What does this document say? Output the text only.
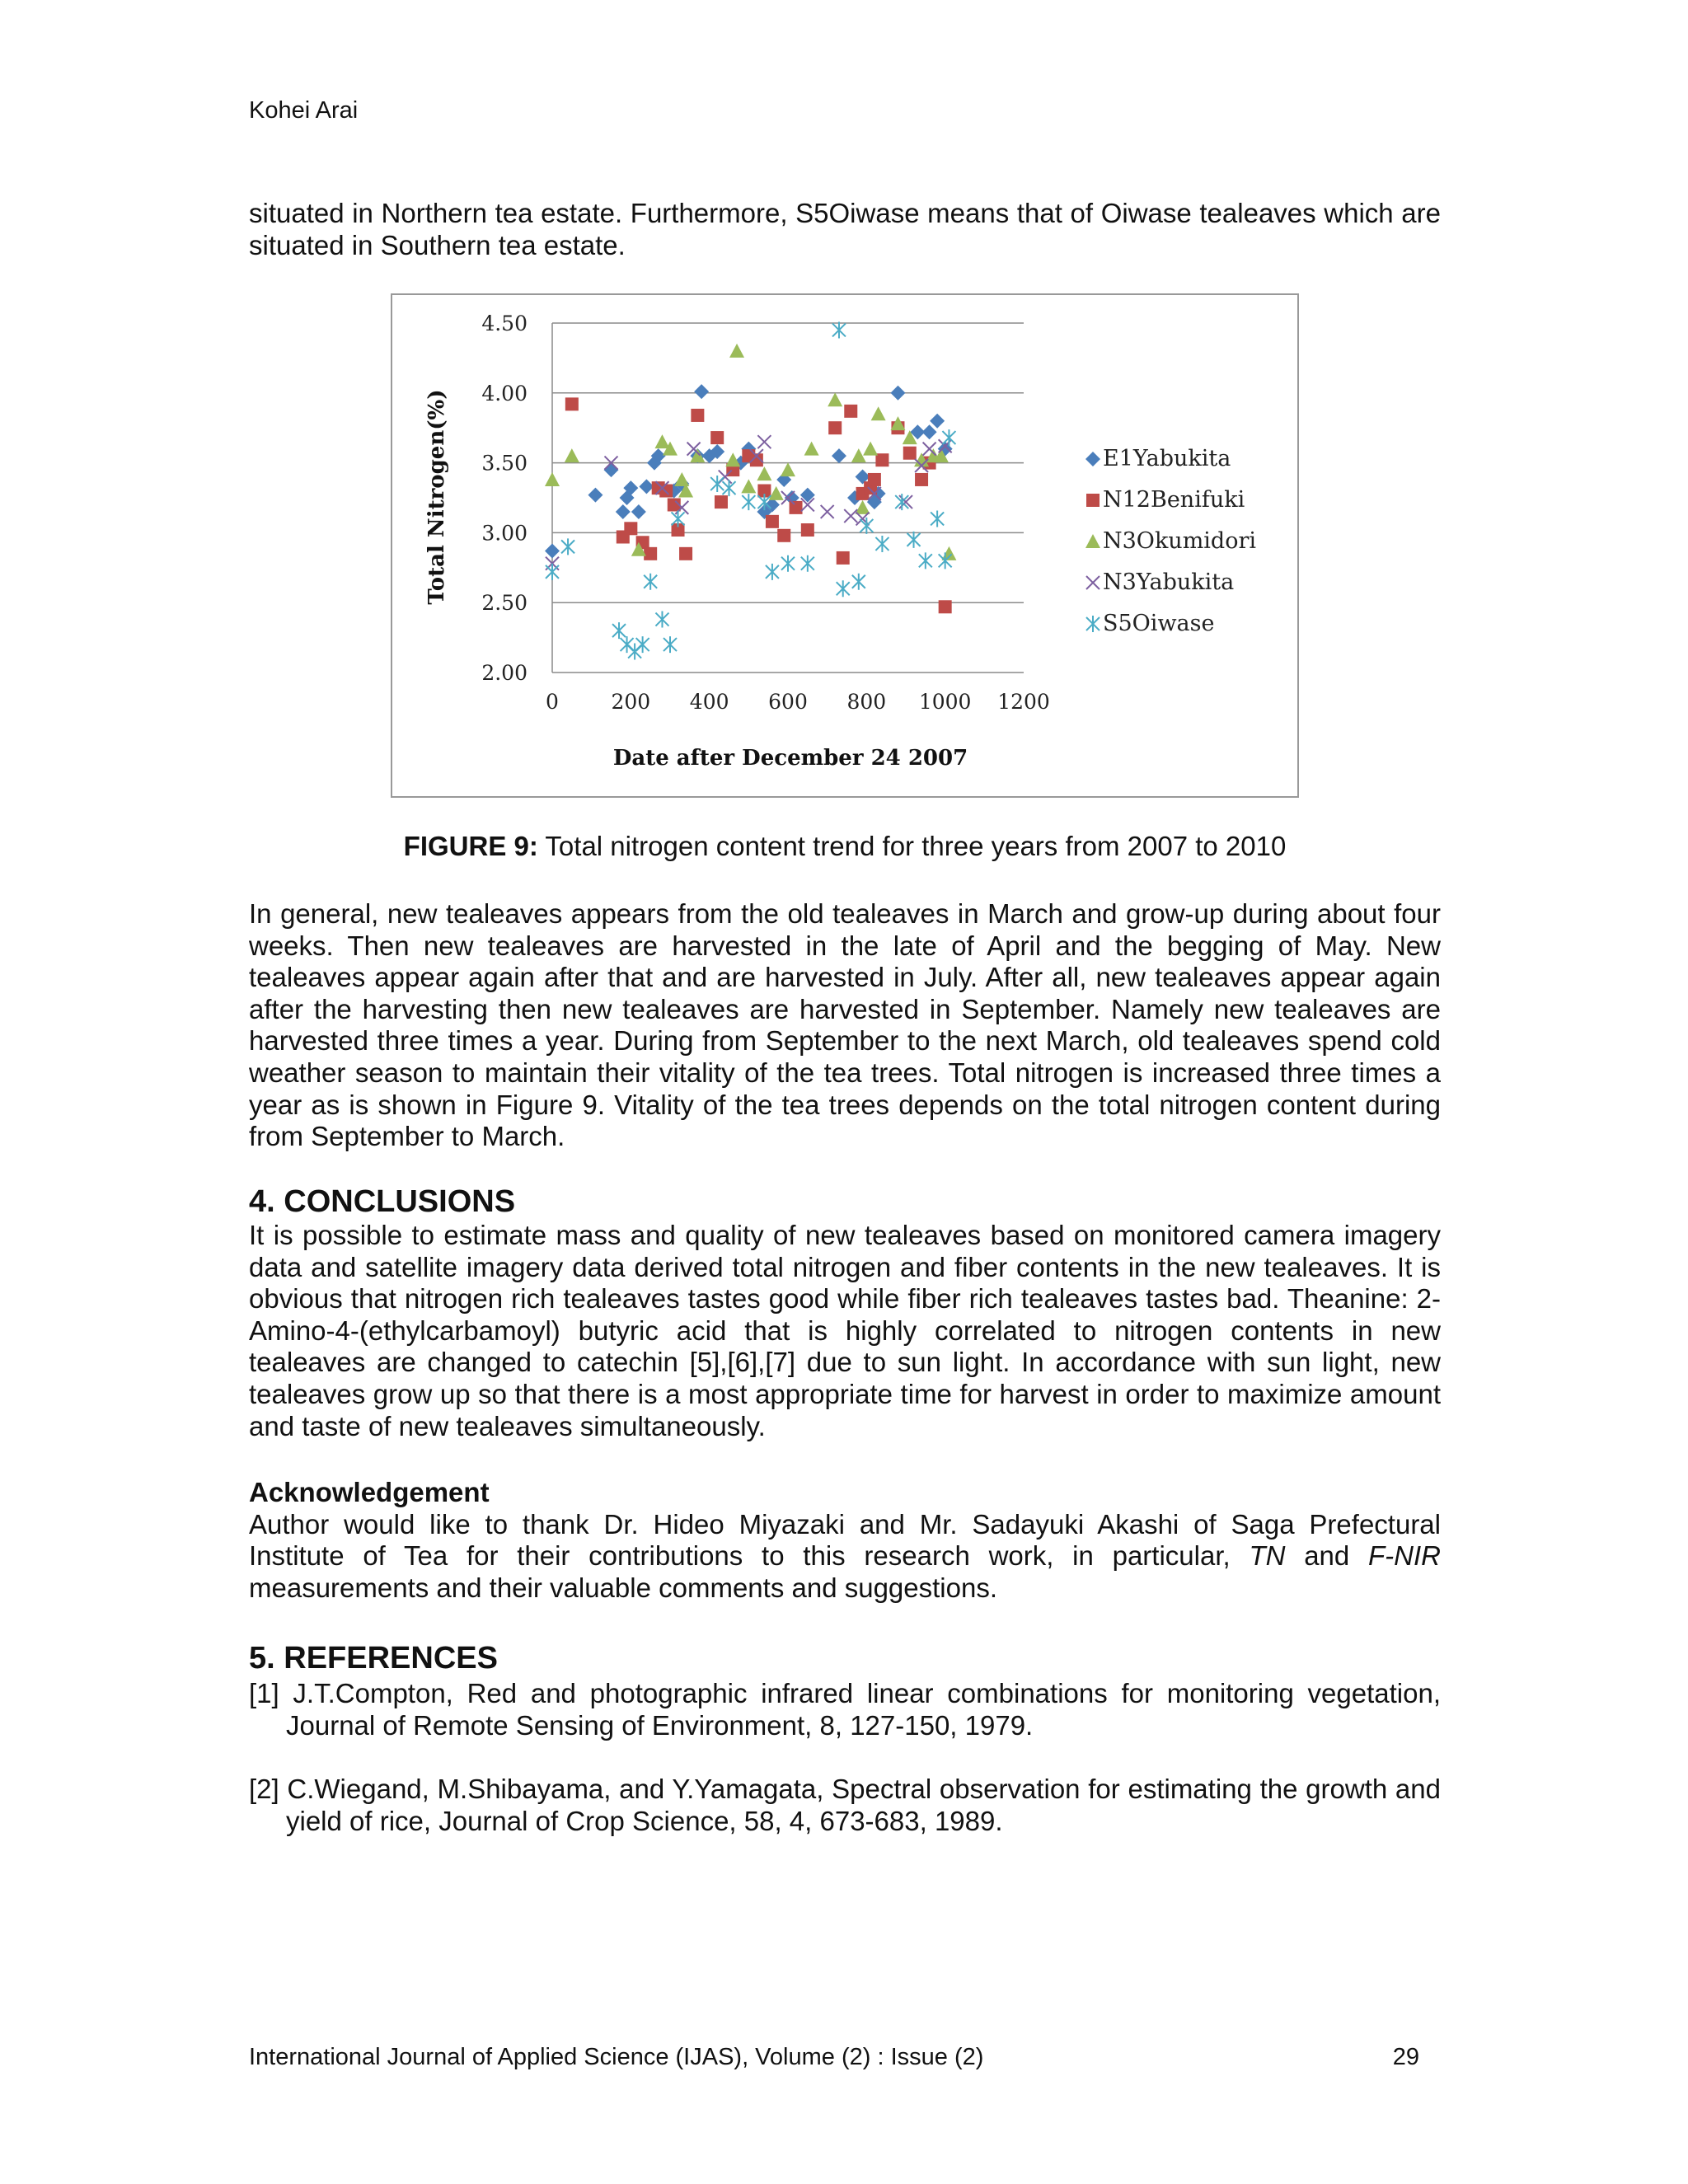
Kohei Arai

situated in Northern tea estate. Furthermore, S5Oiwase means that of Oiwase tealeaves which are situated in Southern tea estate.

2.00
2.50
3.00
3.50
4.00
4.50
0	200 400 600 800 1000 1200
E1Yabukita
N12Benifuki
N3Okumidori
N3Yabukita
S5Oiwase
Date after December 24 2007
Total Nitrogen(%)
FIGURE 9: Total nitrogen content trend for three years from 2007 to 2010

In general, new tealeaves appears from the old tealeaves in March and grow-up during about four weeks. Then new tealeaves are harvested in the late of April and the begging of May. New tealeaves appear again after that and are harvested in July. After all, new tealeaves appear again after the harvesting then new tealeaves are harvested in September. Namely new tealeaves are harvested three times a year. During from September to the next March, old tealeaves spend cold weather season to maintain their vitality of the tea trees. Total nitrogen is increased three times a year as is shown in Figure 9. Vitality of the tea trees depends on the total nitrogen content during from September to March.

4. CONCLUSIONS

It is possible to estimate mass and quality of new tealeaves based on monitored camera imagery data and satellite imagery data derived total nitrogen and fiber contents in the new tealeaves. It is obvious that nitrogen rich tealeaves tastes good while fiber rich tealeaves tastes bad. Theanine: 2-Amino-4-(ethylcarbamoyl) butyric acid that is highly correlated to nitrogen contents in new tealeaves are changed to catechin [5],[6],[7] due to sun light. In accordance with sun light, new tealeaves grow up so that there is a most appropriate time for harvest in order to maximize amount and taste of new tealeaves simultaneously.

Acknowledgement

Author would like to thank Dr. Hideo Miyazaki and Mr. Sadayuki Akashi of Saga Prefectural Institute of Tea for their contributions to this research work, in particular, TN and F-NIR measurements and their valuable comments and suggestions.

5. REFERENCES

[1] J.T.Compton, Red and photographic infrared linear combinations for monitoring vegetation, Journal of Remote Sensing of Environment, 8, 127-150, 1979.
[2] C.Wiegand, M.Shibayama, and Y.Yamagata, Spectral observation for estimating the growth and yield of rice, Journal of Crop Science, 58, 4, 673-683, 1989.
International Journal of Applied Science (IJAS), Volume (2) : Issue (2)	29
